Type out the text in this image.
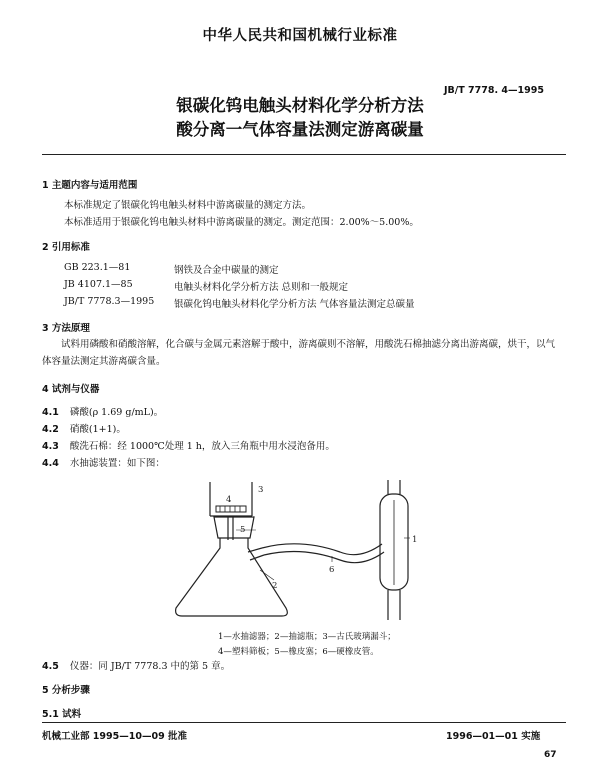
中华人民共和国机械行业标准
银碳化钨电触头材料化学分析方法
酸分离一气体容量法测定游离碳量
JB/T 7778. 4—1995
1 主题内容与适用范围
本标准规定了银碳化钨电触头材料中游离碳量的测定方法。
本标准适用于银碳化钨电触头材料中游离碳量的测定。测定范围：2.00%～5.00%。
2 引用标准
GB 223.1—81	钢铁及合金中碳量的测定
JB 4107.1—85	电触头材料化学分析方法 总则和一般规定
JB/T 7778.3—1995 银碳化钨电触头材料化学分析方法 气体容量法测定总碳量
3 方法原理
试料用磷酸和硝酸溶解，化合碳与金属元素溶解于酸中，游离碳则不溶解，用酸洗石棉抽滤分离出游离碳，烘干，以气体容量法测定其游离碳含量。
4 试剂与仪器
4.1 磷酸(ρ 1.69 g/mL)。
4.2 硝酸(1+1)。
4.3 酸洗石棉：经 1000℃处理 1 h，放入三角瓶中用水浸泡备用。
4.4 水抽滤装置：如下图：
1
2
3
4
5
6
1—水抽滤器；2—抽滤瓶；3—古氏玻璃漏斗；
4—塑料筛板；5—橡皮塞；6—硬橡皮管。
4.5 仪器：同 JB/T 7778.3 中的第 5 章。
5 分析步骤
5.1 试料
机械工业部 1995—10—09 批准	1996—01—01 实施
67
